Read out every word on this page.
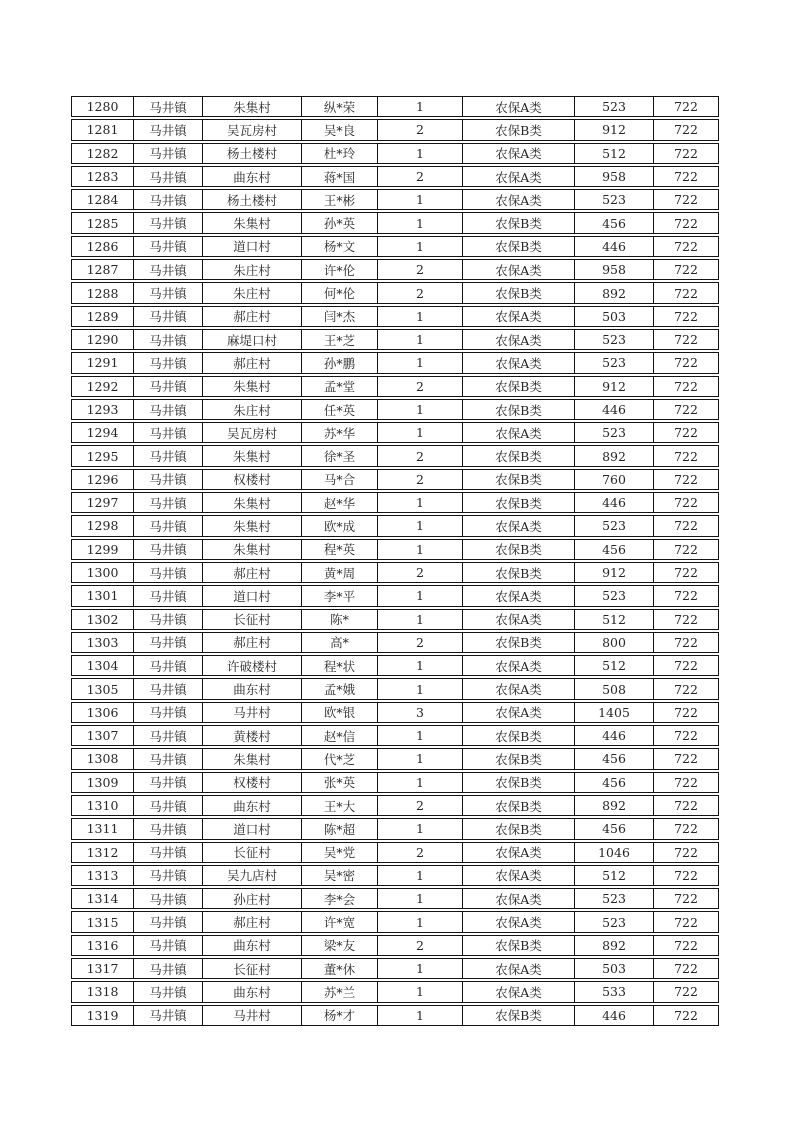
1280	马井镇	朱集村	纵*荣	1	农保A类	523	722
1281	马井镇	吴瓦房村	吴*良	2	农保B类	912	722
1282	马井镇	杨土楼村	杜*玲	1	农保A类	512	722
1283	马井镇	曲东村	蒋*国	2	农保A类	958	722
1284	马井镇	杨土楼村	王*彬	1	农保A类	523	722
1285	马井镇	朱集村	孙*英	1	农保B类	456	722
1286	马井镇	道口村	杨*文	1	农保B类	446	722
1287	马井镇	朱庄村	许*伦	2	农保A类	958	722
1288	马井镇	朱庄村	何*伦	2	农保B类	892	722
1289	马井镇	郝庄村	闫*杰	1	农保A类	503	722
1290	马井镇	麻堤口村	王*芝	1	农保A类	523	722
1291	马井镇	郝庄村	孙*鹏	1	农保A类	523	722
1292	马井镇	朱集村	孟*堂	2	农保B类	912	722
1293	马井镇	朱庄村	任*英	1	农保B类	446	722
1294	马井镇	吴瓦房村	苏*华	1	农保A类	523	722
1295	马井镇	朱集村	徐*圣	2	农保B类	892	722
1296	马井镇	权楼村	马*合	2	农保B类	760	722
1297	马井镇	朱集村	赵*华	1	农保B类	446	722
1298	马井镇	朱集村	欧*成	1	农保A类	523	722
1299	马井镇	朱集村	程*英	1	农保B类	456	722
1300	马井镇	郝庄村	黄*周	2	农保B类	912	722
1301	马井镇	道口村	李*平	1	农保A类	523	722
1302	马井镇	长征村	陈*	1	农保A类	512	722
1303	马井镇	郝庄村	高*	2	农保B类	800	722
1304	马井镇	许破楼村	程*状	1	农保A类	512	722
1305	马井镇	曲东村	孟*娥	1	农保A类	508	722
1306	马井镇	马井村	欧*银	3	农保A类	1405	722
1307	马井镇	黄楼村	赵*信	1	农保B类	446	722
1308	马井镇	朱集村	代*芝	1	农保B类	456	722
1309	马井镇	权楼村	张*英	1	农保B类	456	722
1310	马井镇	曲东村	王*大	2	农保B类	892	722
1311	马井镇	道口村	陈*超	1	农保B类	456	722
1312	马井镇	长征村	吴*党	2	农保A类	1046	722
1313	马井镇	吴九店村	吴*密	1	农保A类	512	722
1314	马井镇	孙庄村	李*会	1	农保A类	523	722
1315	马井镇	郝庄村	许*宽	1	农保A类	523	722
1316	马井镇	曲东村	梁*友	2	农保B类	892	722
1317	马井镇	长征村	董*休	1	农保A类	503	722
1318	马井镇	曲东村	苏*兰	1	农保A类	533	722
1319	马井镇	马井村	杨*才	1	农保B类	446	722
